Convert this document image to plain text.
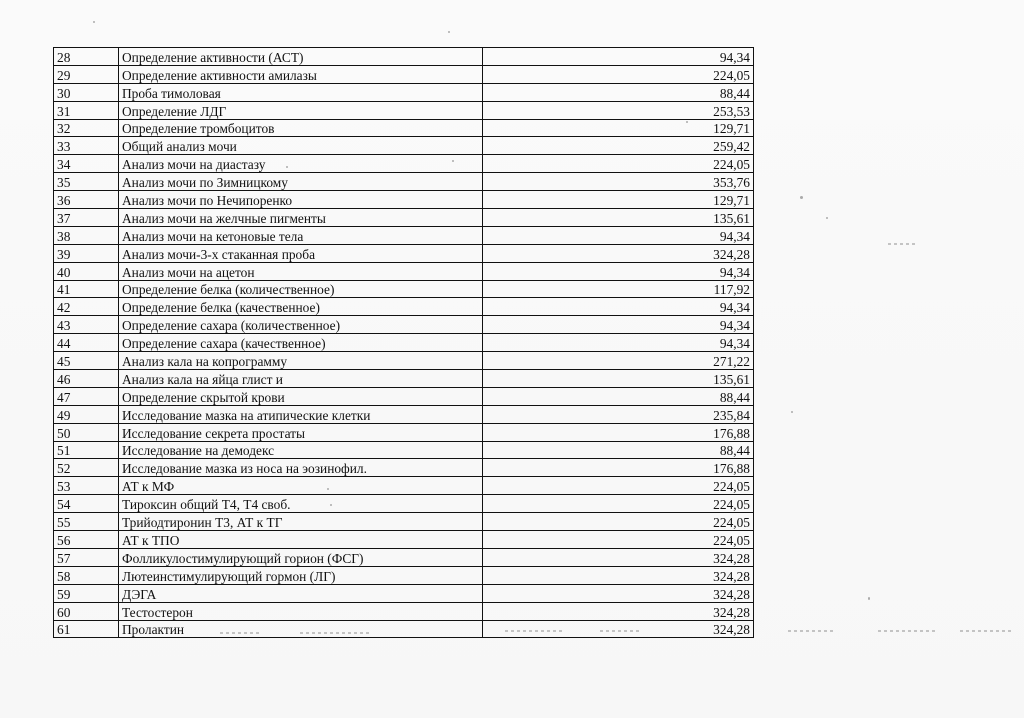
28	Определение активности (АСТ)	94,34
29	Определение активности амилазы	224,05
30	Проба тимоловая	88,44
31	Определение ЛДГ	253,53
32	Определение тромбоцитов	129,71
33	Общий анализ мочи	259,42
34	Анализ мочи на диастазу	224,05
35	Анализ мочи по Зимницкому	353,76
36	Анализ мочи по Нечипоренко	129,71
37	Анализ мочи на желчные пигменты	135,61
38	Анализ мочи на кетоновые тела	94,34
39	Анализ мочи-3-х стаканная проба	324,28
40	Анализ мочи на ацетон	94,34
41	Определение белка (количественное)	117,92
42	Определение белка (качественное)	94,34
43	Определение сахара (количественное)	94,34
44	Определение сахара (качественное)	94,34
45	Анализ кала на копрограмму	271,22
46	Анализ кала на яйца глист и	135,61
47	Определение скрытой крови	88,44
49	Исследование мазка на атипические клетки	235,84
50	Исследование секрета простаты	176,88
51	Исследование на демодекс	88,44
52	Исследование мазка из носа на эозинофил.	176,88
53	АТ к МФ	224,05
54	Тироксин общий Т4, Т4 своб.	224,05
55	Трийодтиронин Т3, АТ к ТГ	224,05
56	АТ к ТПО	224,05
57	Фолликулостимулирующий горион (ФСГ)	324,28
58	Лютеинстимулирующий гормон (ЛГ)	324,28
59	ДЭГА	324,28
60	Тестостерон	324,28
61	Пролактин	324,28
